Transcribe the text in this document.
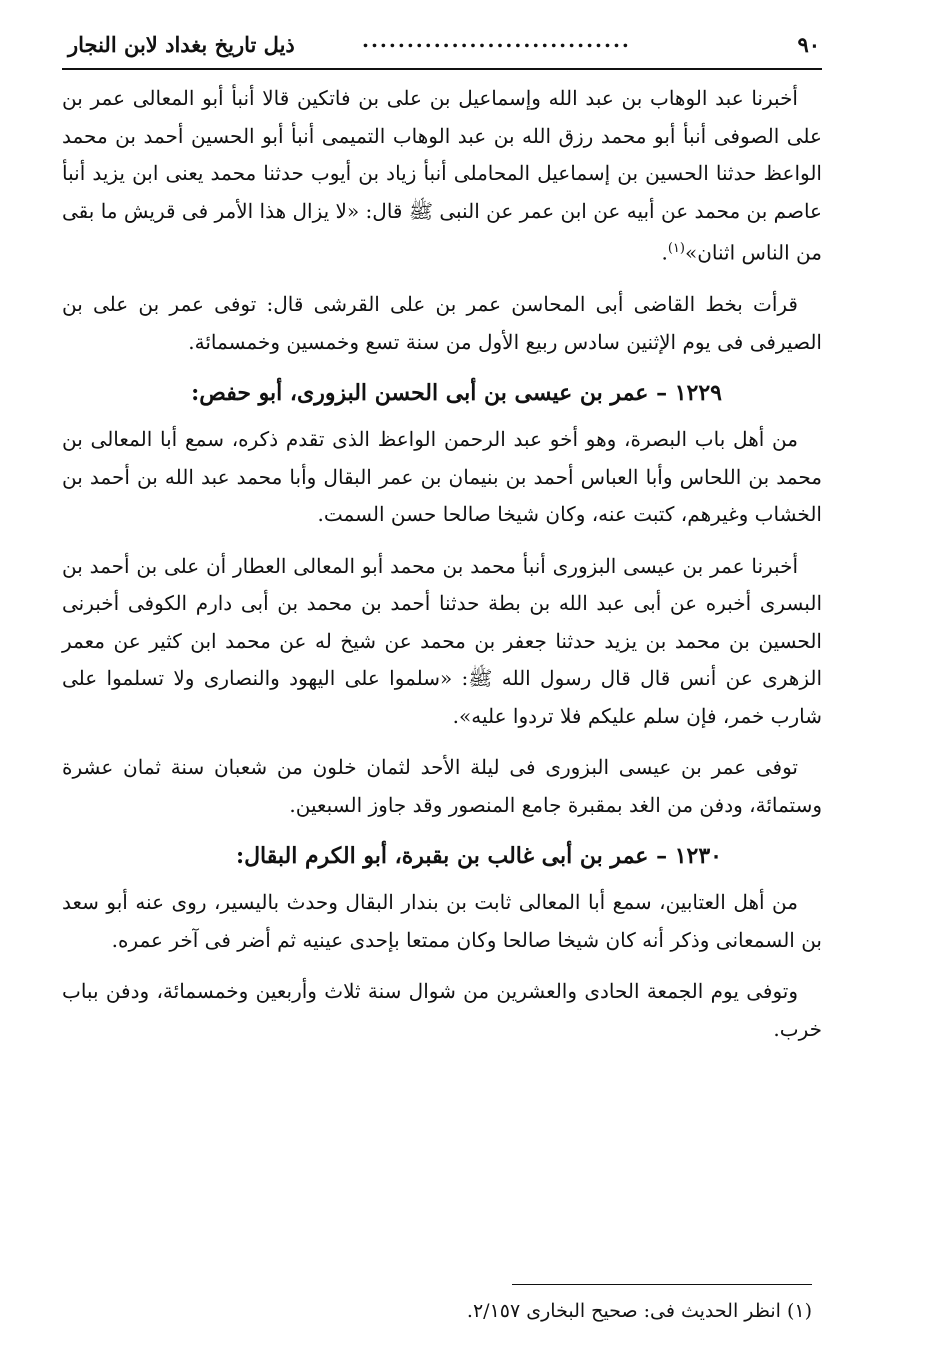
٩٠
..............................
ذيل تاريخ بغداد لابن النجار

أخبرنا عبد الوهاب بن عبد الله وإسماعيل بن على بن فاتكين قالا أنبأ أبو المعالى عمر بن على الصوفى أنبأ أبو محمد رزق الله بن عبد الوهاب التميمى أنبأ أبو الحسين أحمد بن محمد الواعظ حدثنا الحسين بن إسماعيل المحاملى أنبأ زياد بن أيوب حدثنا محمد يعنى ابن يزيد أنبأ عاصم بن محمد عن أبيه عن ابن عمر عن النبى ﷺ قال: «لا يزال هذا الأمر فى قريش ما بقى من الناس اثنان»$^{(١)}$.

قرأت بخط القاضى أبى المحاسن عمر بن على القرشى قال: توفى عمر بن على بن الصيرفى فى يوم الإثنين سادس ربيع الأول من سنة تسع وخمسين وخمسمائة.

١٢٢٩ – عمر بن عيسى بن أبى الحسن البزورى، أبو حفص:

من أهل باب البصرة، وهو أخو عبد الرحمن الواعظ الذى تقدم ذكره، سمع أبا المعالى بن محمد بن اللحاس وأبا العباس أحمد بن بنيمان بن عمر البقال وأبا محمد عبد الله بن أحمد بن الخشاب وغيرهم، كتبت عنه، وكان شيخا صالحا حسن السمت.

أخبرنا عمر بن عيسى البزورى أنبأ محمد بن محمد أبو المعالى العطار أن على بن أحمد بن البسرى أخبره عن أبى عبد الله بن بطة حدثنا أحمد بن محمد بن أبى دارم الكوفى أخبرنى الحسين بن محمد بن يزيد حدثنا جعفر بن محمد عن شيخ له عن محمد ابن كثير عن معمر الزهرى عن أنس قال قال رسول الله ﷺ: «سلموا على اليهود والنصارى ولا تسلموا على شارب خمر، فإن سلم عليكم فلا تردوا عليه».

توفى عمر بن عيسى البزورى فى ليلة الأحد لثمان خلون من شعبان سنة ثمان عشرة وستمائة، ودفن من الغد بمقبرة جامع المنصور وقد جاوز السبعين.

١٢٣٠ – عمر بن أبى غالب بن بقبرة، أبو الكرم البقال:

من أهل العتابين، سمع أبا المعالى ثابت بن بندار البقال وحدث باليسير، روى عنه أبو سعد بن السمعانى وذكر أنه كان شيخا صالحا وكان ممتعا بإحدى عينيه ثم أضر فى آخر عمره.

وتوفى يوم الجمعة الحادى والعشرين من شوال سنة ثلاث وأربعين وخمسمائة، ودفن بباب خرب.

(١) انظر الحديث فى: صحيح البخارى ٢/١٥٧.
